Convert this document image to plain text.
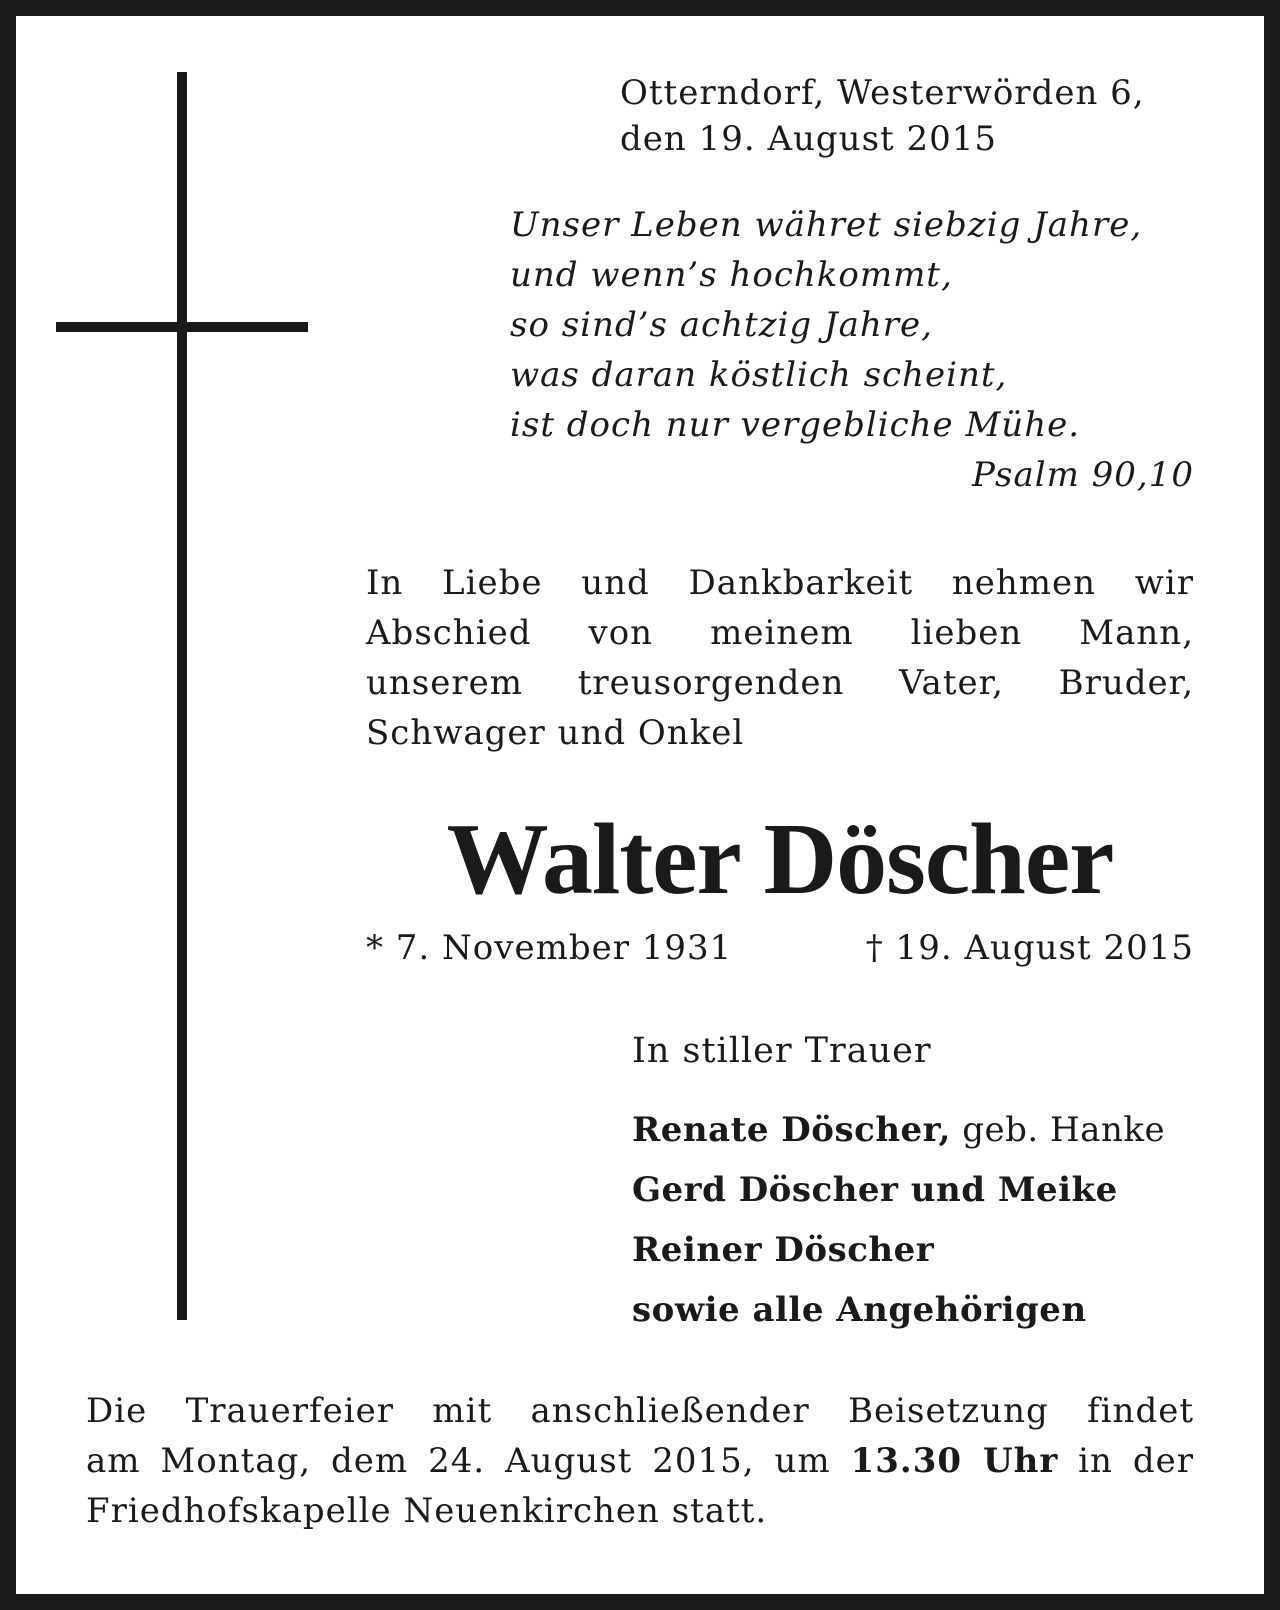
Otterndorf, Westerwörden 6,
den 19. August 2015
Unser Leben währet siebzig Jahre,
und wenn’s hochkommt,
so sind’s achtzig Jahre,
was daran köstlich scheint,
ist doch nur vergebliche Mühe.
Psalm 90,10
In Liebe und Dankbarkeit nehmen wir
Abschied von meinem lieben Mann,
unserem treusorgenden Vater, Bruder,
Schwager und Onkel
Walter Döscher
* 7. November 1931	† 19. August 2015
In stiller Trauer
Renate Döscher, geb. Hanke
Gerd Döscher und Meike
Reiner Döscher
sowie alle Angehörigen
Die Trauerfeier mit anschließender Beisetzung findet
am Montag, dem 24. August 2015, um 13.30 Uhr in der
Friedhofskapelle Neuenkirchen statt.
